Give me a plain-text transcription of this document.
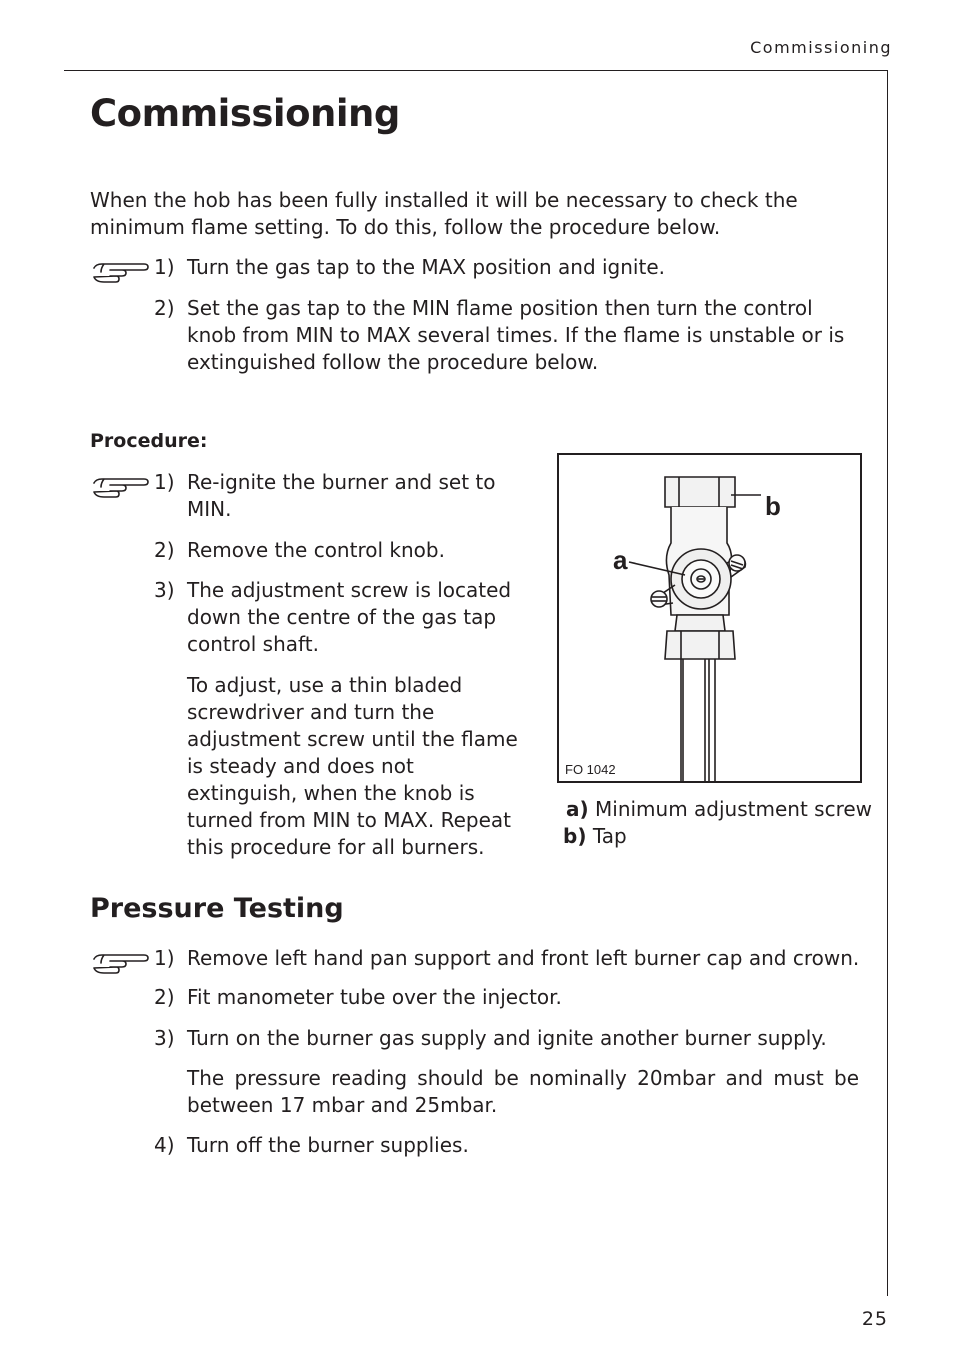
Commissioning
Commissioning
When the hob has been fully installed it will be necessary to check the minimum flame setting. To do this, follow the procedure below.
1) Turn the gas tap to the MAX position and ignite.
2) Set the gas tap to the MIN flame position then turn the control knob from MIN to MAX several times. If the flame is unstable or is extinguished follow the procedure below.
Procedure:
1) Re-ignite the burner and set to MIN.
2) Remove the control knob.
3) The adjustment screw is located down the centre of the gas tap control shaft.
To adjust, use a thin bladed screwdriver and turn the adjustment screw until the flame is steady and does not extinguish, when the knob is turned from MIN to MAX. Repeat this procedure for all burners.
a
b
FO 1042
a) Minimum adjustment screw
b) Tap
Pressure Testing
1) Remove left hand pan support and front left burner cap and crown.
2) Fit manometer tube over the injector.
3) Turn on the burner gas supply and ignite another burner supply.
The pressure reading should be nominally 20mbar and must be between 17 mbar and 25mbar.
4) Turn off the burner supplies.
25
